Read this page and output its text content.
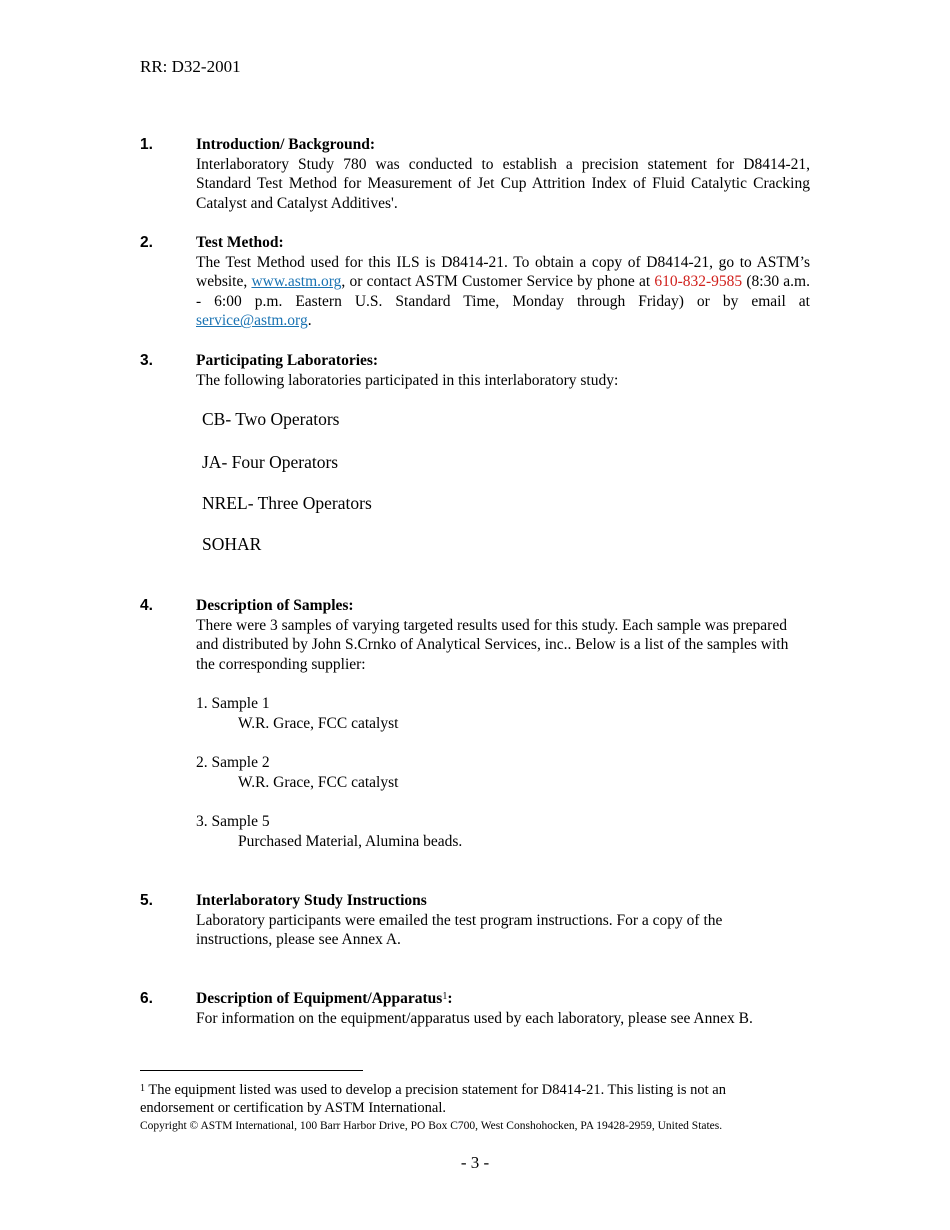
RR: D32-2001
1.	Introduction/ Background:
Interlaboratory Study 780 was conducted to establish a precision statement for D8414-21, Standard Test Method for Measurement of Jet Cup Attrition Index of Fluid Catalytic Cracking Catalyst and Catalyst Additives'.
2.	Test Method:
The Test Method used for this ILS is D8414-21. To obtain a copy of D8414-21, go to ASTM’s website, www.astm.org, or contact ASTM Customer Service by phone at 610-832-9585 (8:30 a.m. - 6:00 p.m. Eastern U.S. Standard Time, Monday through Friday) or by email at service@astm.org.
3.	Participating Laboratories:
The following laboratories participated in this interlaboratory study:
CB- Two Operators
JA- Four Operators
NREL- Three Operators
SOHAR
4.	Description of Samples:
There were 3 samples of varying targeted results used for this study. Each sample was prepared and distributed by John S.Crnko of Analytical Services, inc.. Below is a list of the samples with the corresponding supplier:
1. Sample 1
W.R. Grace, FCC catalyst
2. Sample 2
W.R. Grace, FCC catalyst
3. Sample 5
Purchased Material, Alumina beads.
5.	Interlaboratory Study Instructions
Laboratory participants were emailed the test program instructions. For a copy of the instructions, please see Annex A.
6.	Description of Equipment/Apparatus$^1$:
For information on the equipment/apparatus used by each laboratory, please see Annex B.
$^1$ The equipment listed was used to develop a precision statement for D8414-21. This listing is not an endorsement or certification by ASTM International.
Copyright © ASTM International, 100 Barr Harbor Drive, PO Box C700, West Conshohocken, PA 19428-2959, United States.
- 3 -
